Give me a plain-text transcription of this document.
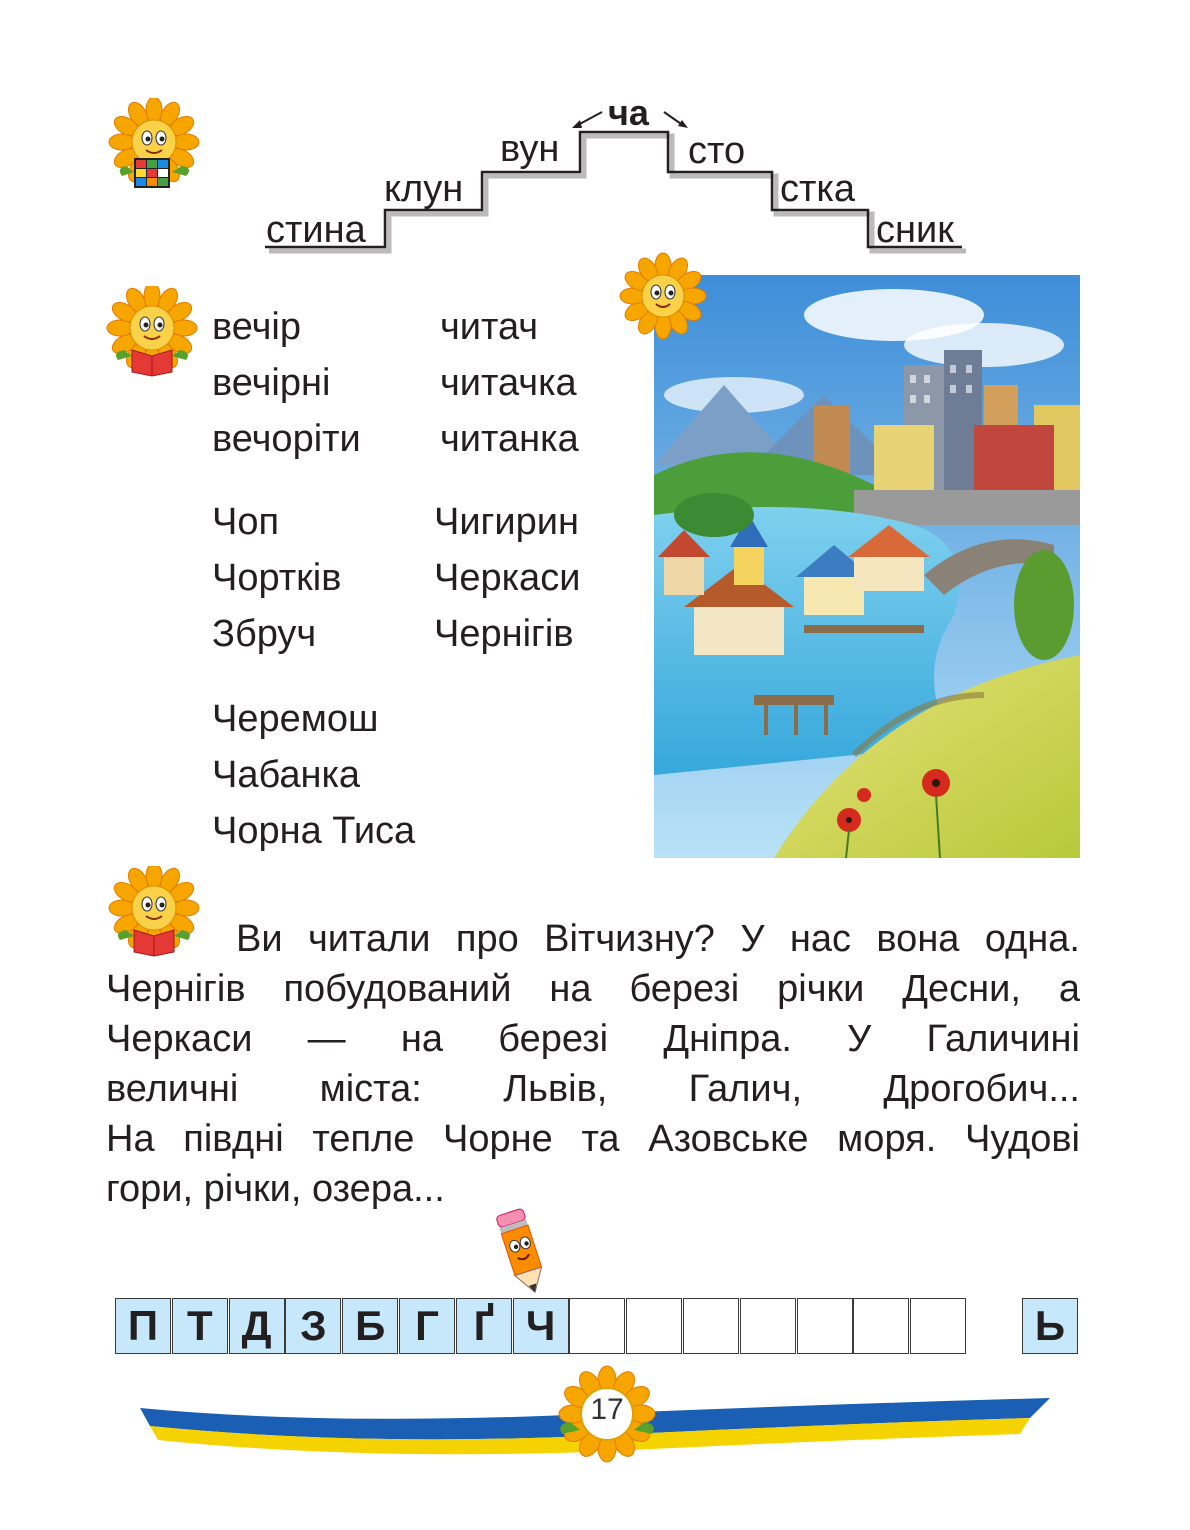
стина
клун
вун	сто
стка
сник
ча
вечір
вечірні
вечоріти
читач
читачка
читанка
Чоп
Чортків
Збруч
Чигирин
Черкаси
Чернігів
Черемош
Чабанка
Чорна Тиса
Ви читали про Вітчизну? У нас вона одна.
Чернігів побудований на березі річки Десни, а
Черкаси — на березі Дніпра. У Галичині
величні міста: Львів, Галич, Дрогобич...
На півдні тепле Чорне та Азовське моря. Чудові
гори, річки, озера...
П Т Д З Б Г Ґ Ч	Ь
17
